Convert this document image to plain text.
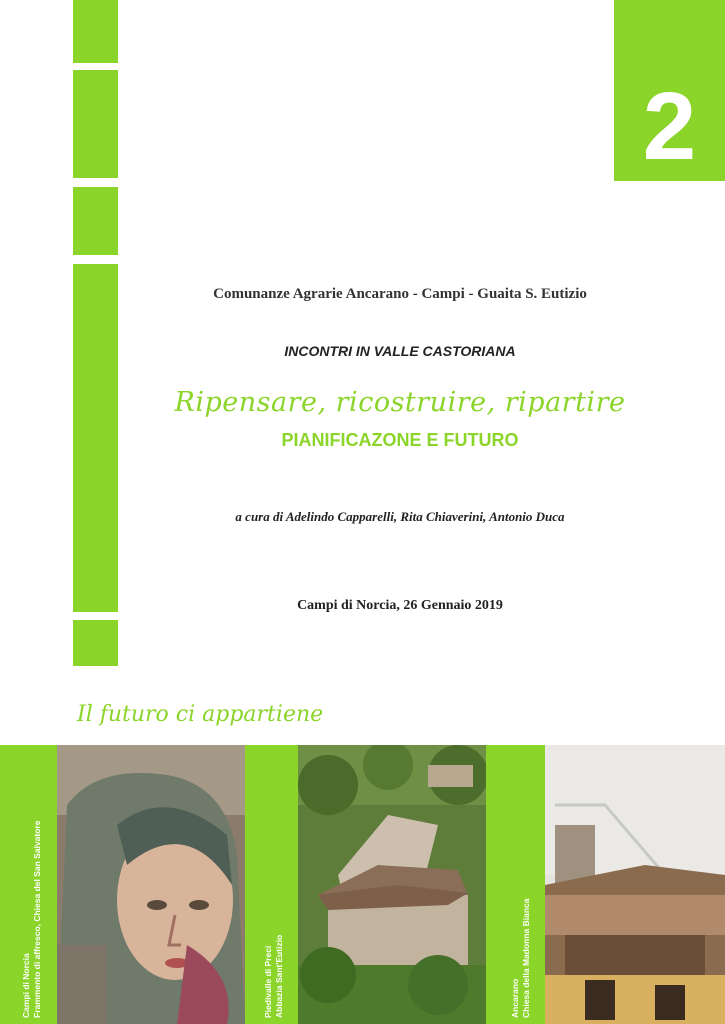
2
Comunanze Agrarie Ancarano - Campi - Guaita S. Eutizio
INCONTRI IN VALLE CASTORIANA
Ripensare, ricostruire, ripartire
PIANIFICAZONE E FUTURO
a cura di Adelindo Capparelli, Rita Chiaverini, Antonio Duca
Campi di Norcia, 26 Gennaio 2019
Il futuro ci appartiene
Campi di Norcia Frammento di affresco, Chiesa del San Salvatore	Piedivalle di Preci Abbazia Sant'Eutizio	Ancarano Chiesa della Madonna Bianca
